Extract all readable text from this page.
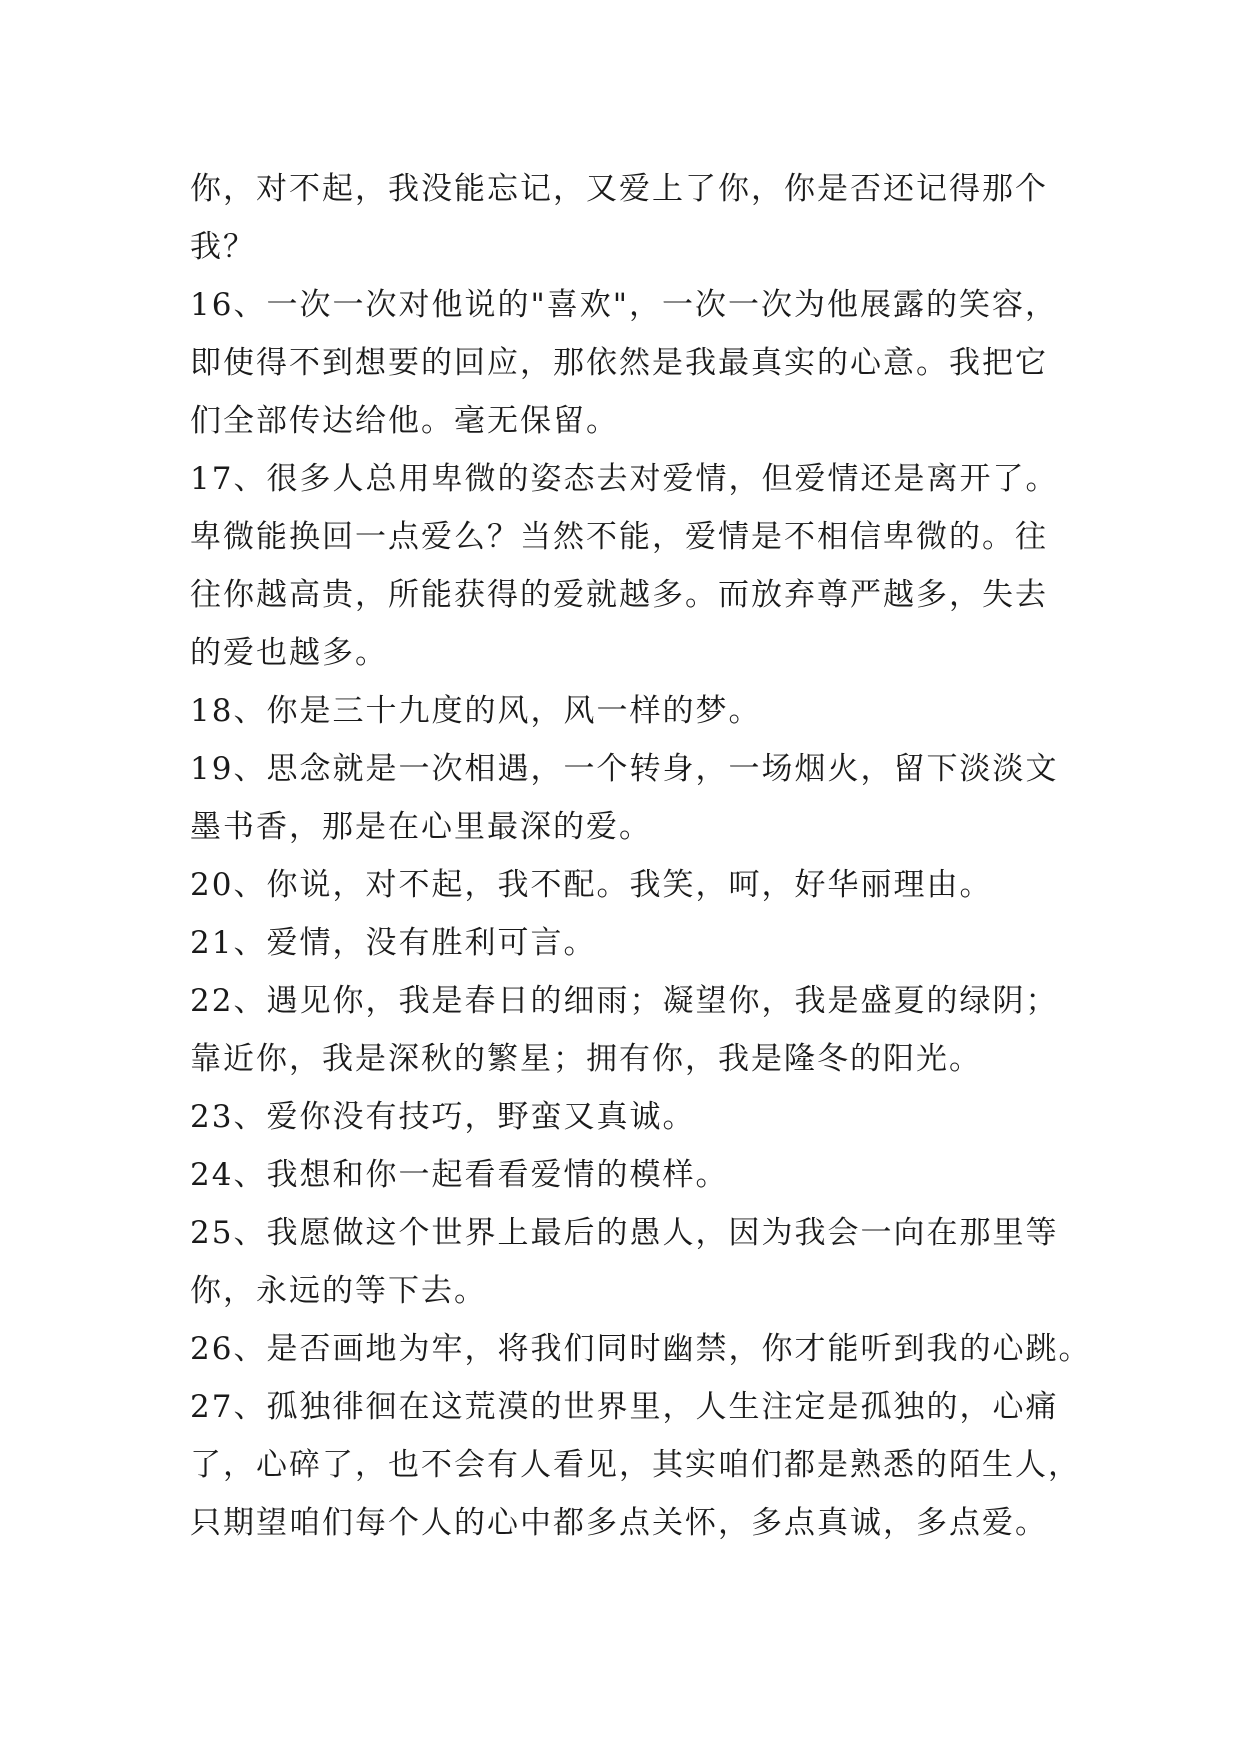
你，对不起，我没能忘记，又爱上了你，你是否还记得那个
我？
16、一次一次对他说的"喜欢"，一次一次为他展露的笑容，
即使得不到想要的回应，那依然是我最真实的心意。我把它
们全部传达给他。毫无保留。
17、很多人总用卑微的姿态去对爱情，但爱情还是离开了。
卑微能换回一点爱么？当然不能，爱情是不相信卑微的。往
往你越高贵，所能获得的爱就越多。而放弃尊严越多，失去
的爱也越多。
18、你是三十九度的风，风一样的梦。
19、思念就是一次相遇，一个转身，一场烟火，留下淡淡文
墨书香，那是在心里最深的爱。
20、你说，对不起，我不配。我笑，呵，好华丽理由。
21、爱情，没有胜利可言。
22、遇见你，我是春日的细雨；凝望你，我是盛夏的绿阴；
靠近你，我是深秋的繁星；拥有你，我是隆冬的阳光。
23、爱你没有技巧，野蛮又真诚。
24、我想和你一起看看爱情的模样。
25、我愿做这个世界上最后的愚人，因为我会一向在那里等
你，永远的等下去。
26、是否画地为牢，将我们同时幽禁，你才能听到我的心跳。
27、孤独徘徊在这荒漠的世界里，人生注定是孤独的，心痛
了，心碎了，也不会有人看见，其实咱们都是熟悉的陌生人，
只期望咱们每个人的心中都多点关怀，多点真诚，多点爱。
